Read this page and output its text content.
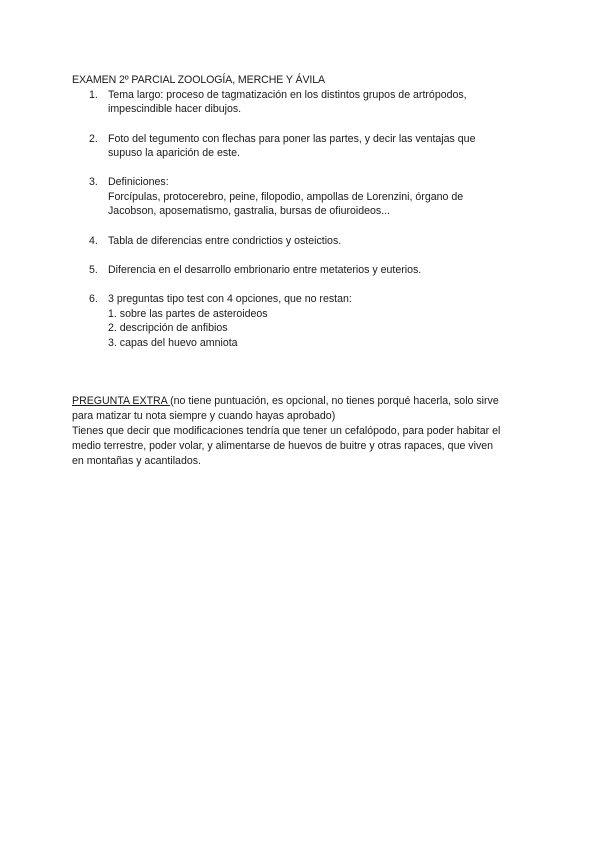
EXAMEN 2º PARCIAL ZOOLOGÍA, MERCHE Y ÁVILA
1. Tema largo: proceso de tagmatización en los distintos grupos de artrópodos,
impescindible hacer dibujos.
2. Foto del tegumento con flechas para poner las partes, y decir las ventajas que
supuso la aparición de este.
3. Definiciones:
Forcípulas, protocerebro, peine, filopodio, ampollas de Lorenzini, órgano de
Jacobson, aposematismo, gastralia, bursas de ofiuroideos...
4. Tabla de diferencias entre condrictios y osteictios.
5. Diferencia en el desarrollo embrionario entre metaterios y euterios.
6. 3 preguntas tipo test con 4 opciones, que no restan:
1. sobre las partes de asteroideos
2. descripción de anfibios
3. capas del huevo amniota
PREGUNTA EXTRA (no tiene puntuación, es opcional, no tienes porqué hacerla, solo sirve
para matizar tu nota siempre y cuando hayas aprobado)
Tienes que decir que modificaciones tendría que tener un cefalópodo, para poder habitar el
medio terrestre, poder volar, y alimentarse de huevos de buitre y otras rapaces, que viven
en montañas y acantilados.
